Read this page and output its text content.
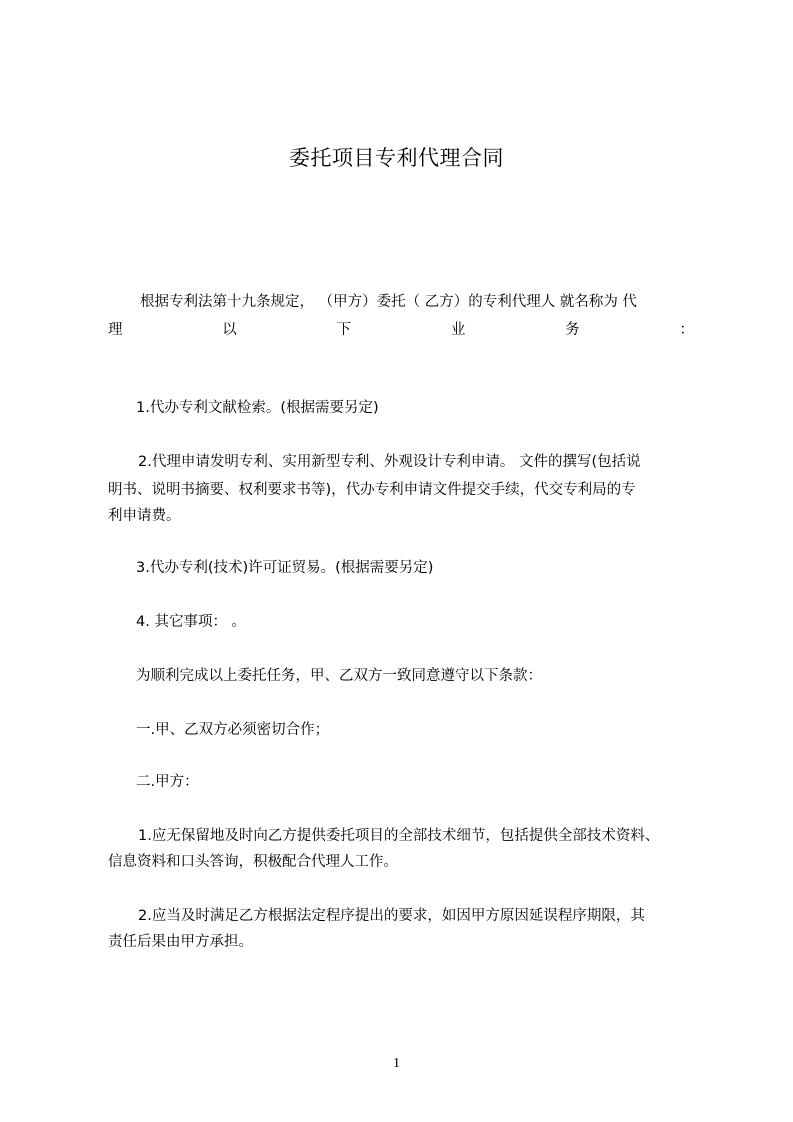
委托项目专利代理合同
根据专利法第十九条规定， （甲方）委托（ 乙方）的专利代理人 就名称为 代
理	以	下	业	务	：
1.代办专利文献检索。(根据需要另定)
2.代理申请发明专利、实用新型专利、外观设计专利申请。 文件的撰写(包括说
明书、说明书摘要、权利要求书等)，代办专利申请文件提交手续，代交专利局的专
利申请费。
3.代办专利(技术)许可证贸易。(根据需要另定)
4. 其它事项： 。
为顺利完成以上委托任务，甲、乙双方一致同意遵守以下条款：
一.甲、乙双方必须密切合作；
二.甲方：
1.应无保留地及时向乙方提供委托项目的全部技术细节，包括提供全部技术资料、
信息资料和口头答询，积极配合代理人工作。
2.应当及时满足乙方根据法定程序提出的要求，如因甲方原因延误程序期限，其
责任后果由甲方承担。
1
